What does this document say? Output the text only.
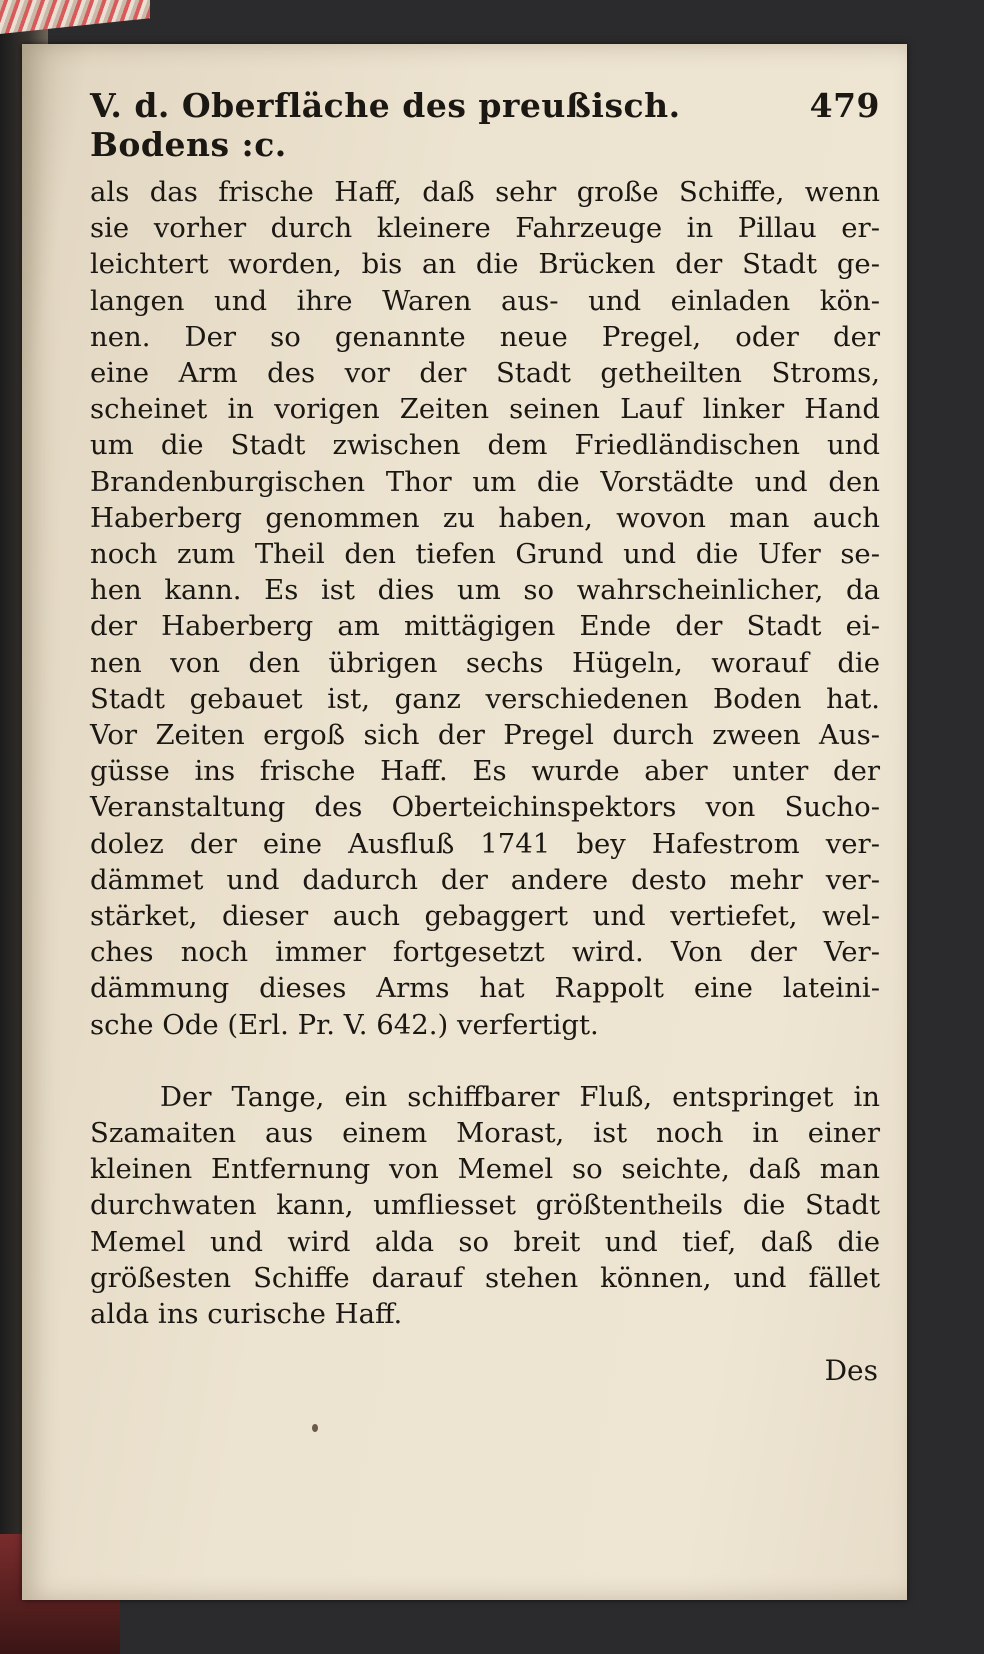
V. d. Oberfläche des preußisch. Bodens :c.
479
als das frische Haff, daß sehr große Schiffe, wenn
sie vorher durch kleinere Fahrzeuge in Pillau er-
leichtert worden, bis an die Brücken der Stadt ge-
langen und ihre Waren aus- und einladen kön-
nen. Der so genannte neue Pregel, oder der
eine Arm des vor der Stadt getheilten Stroms,
scheinet in vorigen Zeiten seinen Lauf linker Hand
um die Stadt zwischen dem Friedländischen und
Brandenburgischen Thor um die Vorstädte und den
Haberberg genommen zu haben, wovon man auch
noch zum Theil den tiefen Grund und die Ufer se-
hen kann. Es ist dies um so wahrscheinlicher, da
der Haberberg am mittägigen Ende der Stadt ei-
nen von den übrigen sechs Hügeln, worauf die
Stadt gebauet ist, ganz verschiedenen Boden hat.
Vor Zeiten ergoß sich der Pregel durch zween Aus-
güsse ins frische Haff. Es wurde aber unter der
Veranstaltung des Oberteichinspektors von Sucho-
dolez der eine Ausfluß 1741 bey Hafestrom ver-
dämmet und dadurch der andere desto mehr ver-
stärket, dieser auch gebaggert und vertiefet, wel-
ches noch immer fortgesetzt wird. Von der Ver-
dämmung dieses Arms hat Rappolt eine lateini-
sche Ode (Erl. Pr. V. 642.) verfertigt.
Der Tange, ein schiffbarer Fluß, entspringet in
Szamaiten aus einem Morast, ist noch in einer
kleinen Entfernung von Memel so seichte, daß man
durchwaten kann, umfliesset größtentheils die Stadt
Memel und wird alda so breit und tief, daß die
größesten Schiffe darauf stehen können, und fället
alda ins curische Haff.
Des
